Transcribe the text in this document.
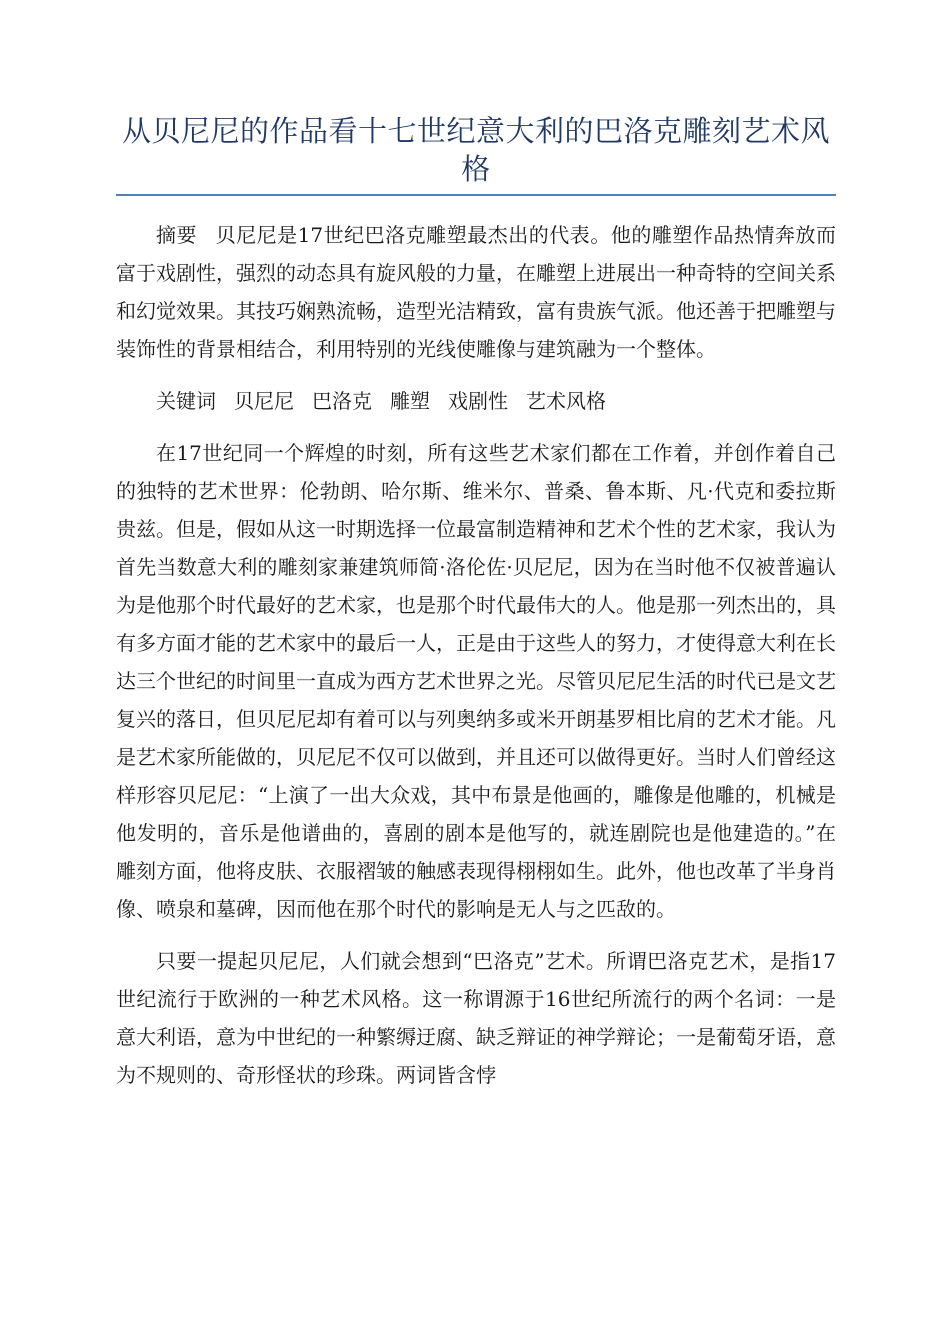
从贝尼尼的作品看十七世纪意大利的巴洛克雕刻艺术风格

摘要 贝尼尼是17世纪巴洛克雕塑最杰出的代表。他的雕塑作品热情奔放而富于戏剧性，强烈的动态具有旋风般的力量，在雕塑上进展出一种奇特的空间关系和幻觉效果。其技巧娴熟流畅，造型光洁精致，富有贵族气派。他还善于把雕塑与装饰性的背景相结合，利用特别的光线使雕像与建筑融为一个整体。

关键词 贝尼尼 巴洛克 雕塑 戏剧性 艺术风格

在17世纪同一个辉煌的时刻，所有这些艺术家们都在工作着，并创作着自己的独特的艺术世界：伦勃朗、哈尔斯、维米尔、普桑、鲁本斯、凡·代克和委拉斯贵兹。但是，假如从这一时期选择一位最富制造精神和艺术个性的艺术家，我认为首先当数意大利的雕刻家兼建筑师简·洛伦佐·贝尼尼，因为在当时他不仅被普遍认为是他那个时代最好的艺术家，也是那个时代最伟大的人。他是那一列杰出的，具有多方面才能的艺术家中的最后一人，正是由于这些人的努力，才使得意大利在长达三个世纪的时间里一直成为西方艺术世界之光。尽管贝尼尼生活的时代已是文艺复兴的落日，但贝尼尼却有着可以与列奥纳多或米开朗基罗相比肩的艺术才能。凡是艺术家所能做的，贝尼尼不仅可以做到，并且还可以做得更好。当时人们曾经这样形容贝尼尼：“上演了一出大众戏，其中布景是他画的，雕像是他雕的，机械是他发明的，音乐是他谱曲的，喜剧的剧本是他写的，就连剧院也是他建造的。”在雕刻方面，他将皮肤、衣服褶皱的触感表现得栩栩如生。此外，他也改革了半身肖像、喷泉和墓碑，因而他在那个时代的影响是无人与之匹敌的。

只要一提起贝尼尼，人们就会想到“巴洛克”艺术。所谓巴洛克艺术，是指17世纪流行于欧洲的一种艺术风格。这一称谓源于16世纪所流行的两个名词：一是意大利语，意为中世纪的一种繁缛迂腐、缺乏辩证的神学辩论；一是葡萄牙语，意为不规则的、奇形怪状的珍珠。两词皆含悖
